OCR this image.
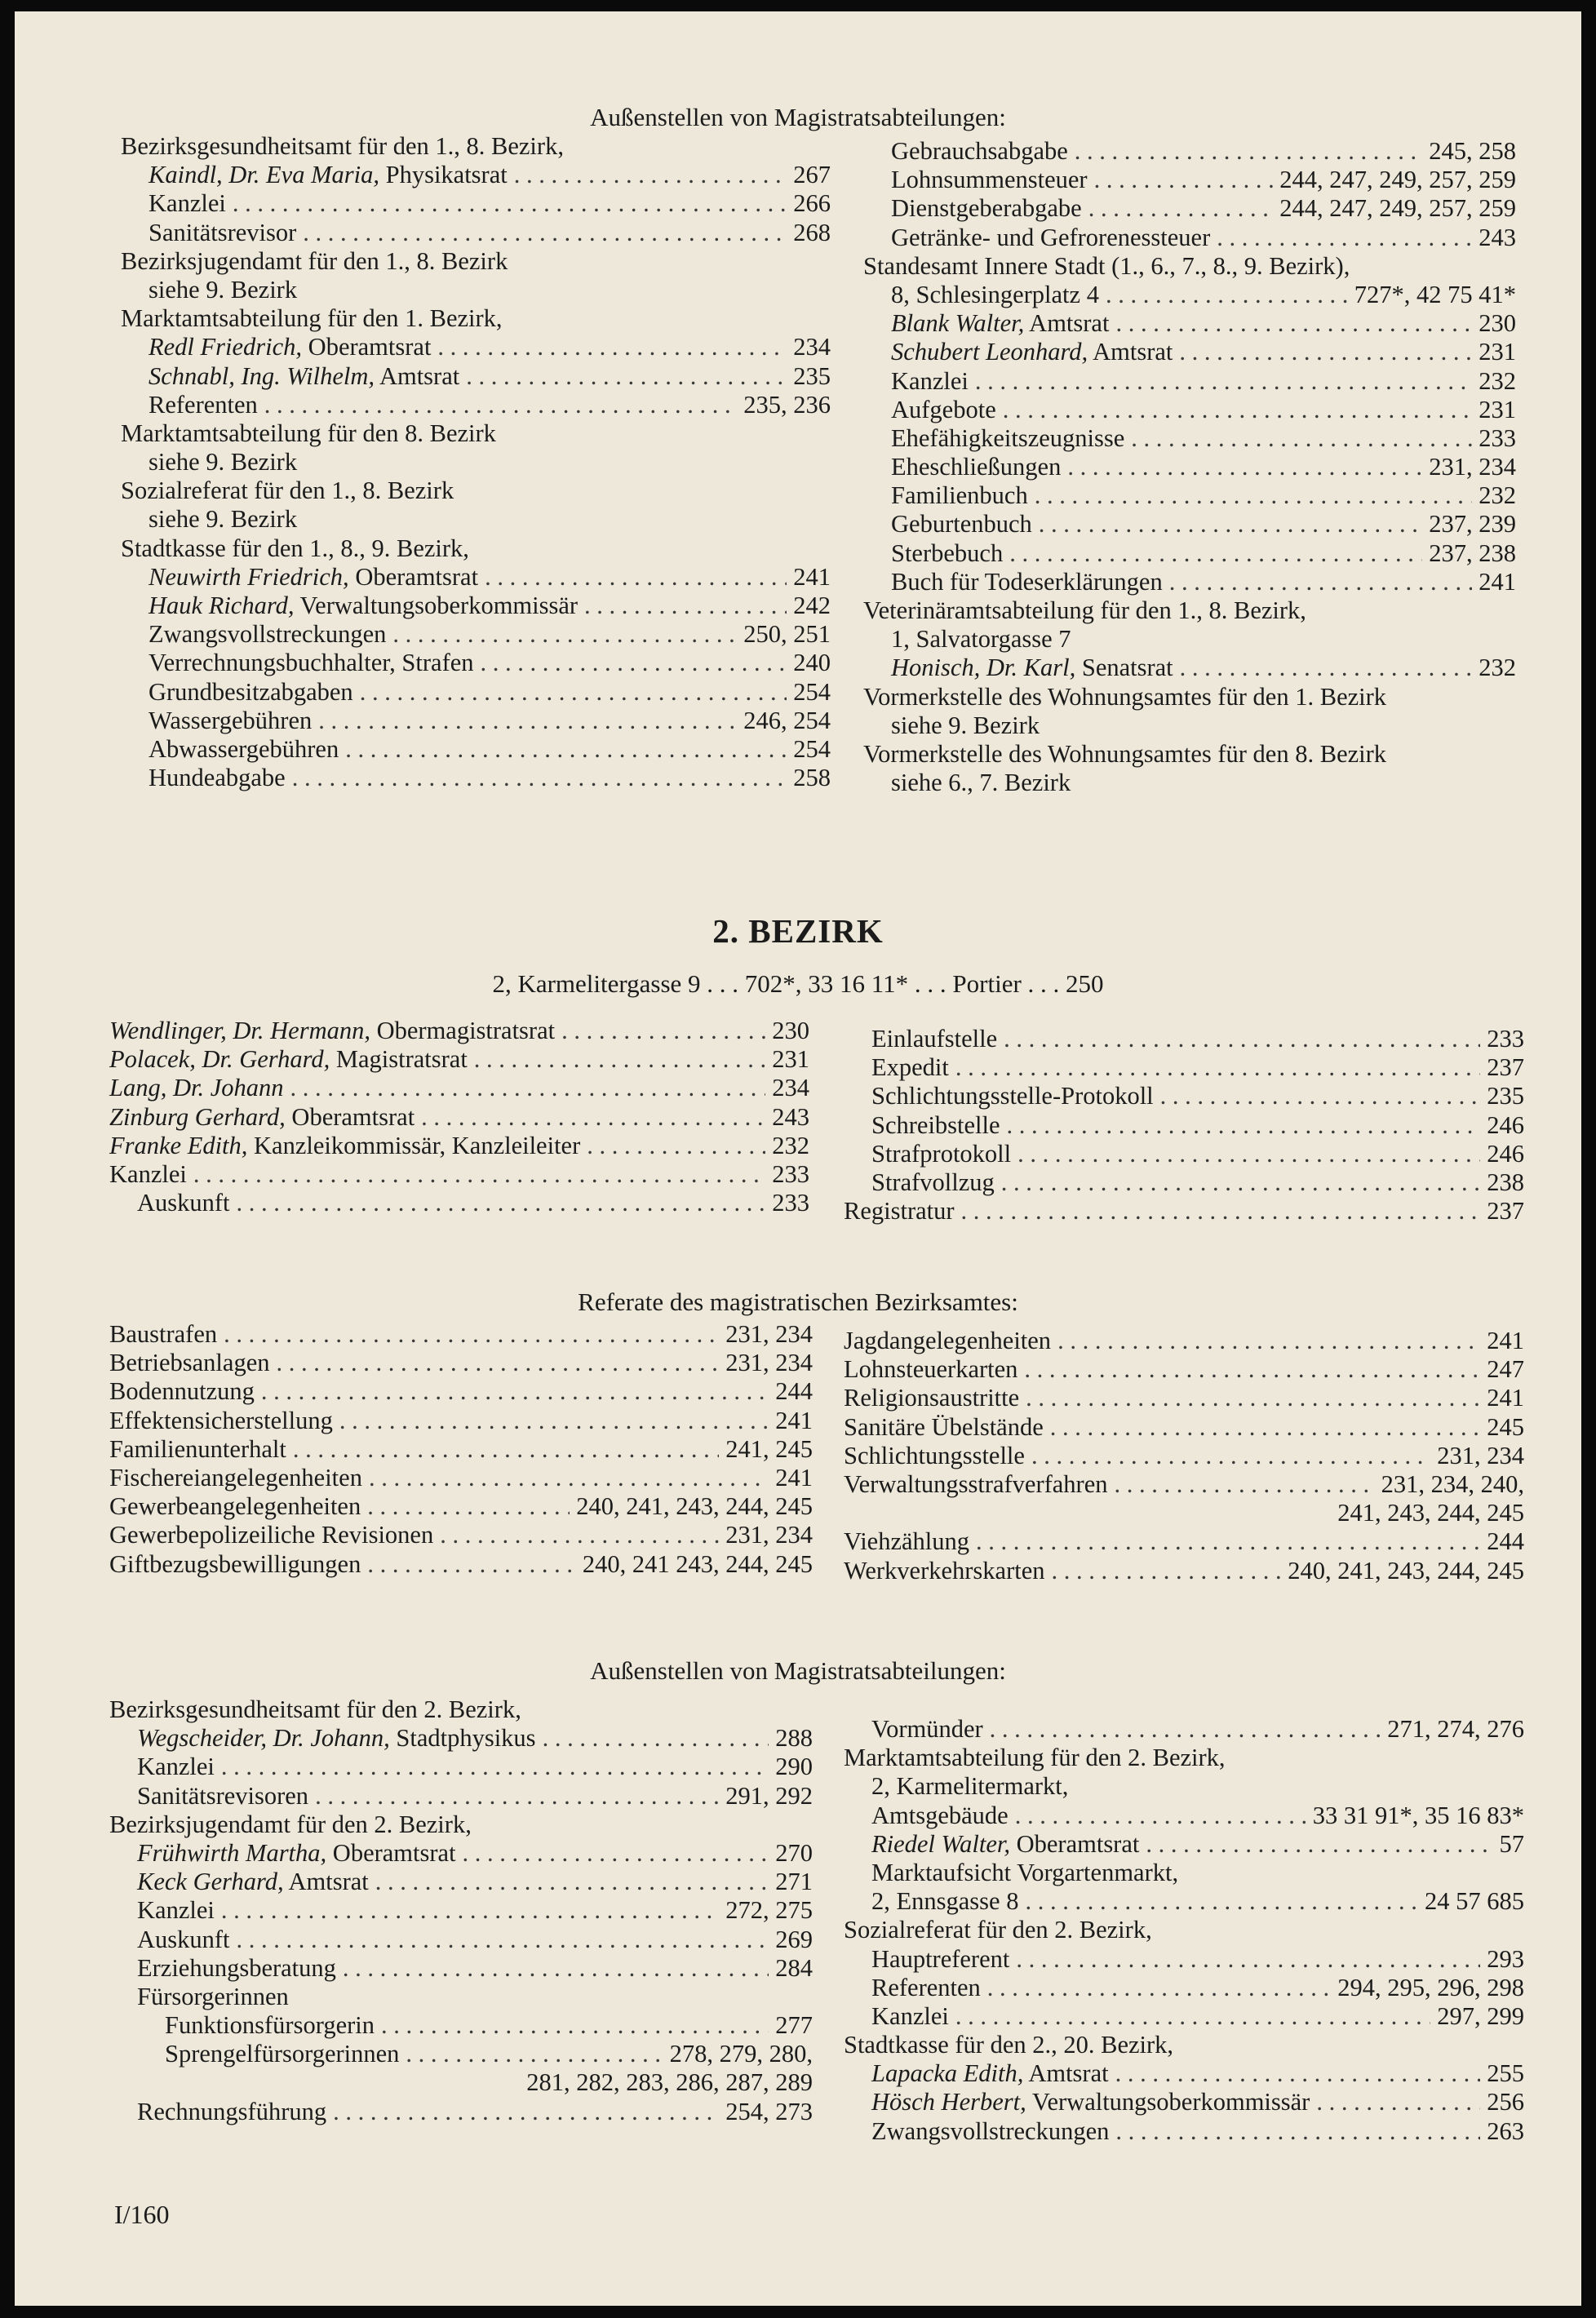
Außenstellen von Magistratsabteilungen:
Bezirksgesundheitsamt für den 1., 8. Bezirk,
Kaindl, Dr. Eva Maria, Physikatsrat . . .	267
Kanzlei . . .	266
Sanitätsrevisor . . .	268
Bezirksjugendamt für den 1., 8. Bezirk
siehe 9. Bezirk
Marktamtsabteilung für den 1. Bezirk,
Redl Friedrich, Oberamtsrat . . .	234
Schnabl, Ing. Wilhelm, Amtsrat . . .	235
Referenten . . .	235, 236
Marktamtsabteilung für den 8. Bezirk
siehe 9. Bezirk
Sozialreferat für den 1., 8. Bezirk
siehe 9. Bezirk
Stadtkasse für den 1., 8., 9. Bezirk,
Neuwirth Friedrich, Oberamtsrat . . .	241
Hauk Richard, Verwaltungsoberkommissär . . .	242
Zwangsvollstreckungen . . .	250, 251
Verrechnungsbuchhalter, Strafen . . .	240
Grundbesitzabgaben . . .	254
Wassergebühren . . .	246, 254
Abwassergebühren . . .	254
Hundeabgabe . . .	258
Gebrauchsabgabe . . .	245, 258
Lohnsummensteuer . . .	244, 247, 249, 257, 259
Dienstgeberabgabe . . .	244, 247, 249, 257, 259
Getränke- und Gefrorenessteuer . . .	243
Standesamt Innere Stadt (1., 6., 7., 8., 9. Bezirk),
8, Schlesingerplatz 4 . . .	727*, 42 75 41*
Blank Walter, Amtsrat . . .	230
Schubert Leonhard, Amtsrat . . .	231
Kanzlei . . .	232
Aufgebote . . .	231
Ehefähigkeitszeugnisse . . .	233
Eheschließungen . . .	231, 234
Familienbuch . . .	232
Geburtenbuch . . .	237, 239
Sterbebuch . . .	237, 238
Buch für Todeserklärungen . . .	241
Veterinäramtsabteilung für den 1., 8. Bezirk,
1, Salvatorgasse 7
Honisch, Dr. Karl, Senatsrat . . .	232
Vormerkstelle des Wohnungsamtes für den 1. Bezirk
siehe 9. Bezirk
Vormerkstelle des Wohnungsamtes für den 8. Bezirk
siehe 6., 7. Bezirk
2. BEZIRK
2, Karmelitergasse 9 . . . 702*, 33 16 11* . . . Portier . . . 250
Wendlinger, Dr. Hermann, Obermagistratsrat . . .	230
Polacek, Dr. Gerhard, Magistratsrat . . .	231
Lang, Dr. Johann . . .	234
Zinburg Gerhard, Oberamtsrat . . .	243
Franke Edith, Kanzleikommissär, Kanzleileiter . . .	232
Kanzlei . . .	233
Auskunft . . .	233
Einlaufstelle . . .	233
Expedit . . .	237
Schlichtungsstelle-Protokoll . . .	235
Schreibstelle . . .	246
Strafprotokoll . . .	246
Strafvollzug . . .	238
Registratur . . .	237
Referate des magistratischen Bezirksamtes:
Baustrafen . . .	231, 234
Betriebsanlagen . . .	231, 234
Bodennutzung . . .	244
Effektensicherstellung . . .	241
Familienunterhalt . . .	241, 245
Fischereiangelegenheiten . . .	241
Gewerbeangelegenheiten . . .	240, 241, 243, 244, 245
Gewerbepolizeiliche Revisionen . . .	231, 234
Giftbezugsbewilligungen . . .	240, 241 243, 244, 245
Jagdangelegenheiten . . .	241
Lohnsteuerkarten . . .	247
Religionsaustritte . . .	241
Sanitäre Übelstände . . .	245
Schlichtungsstelle . . .	231, 234
Verwaltungsstrafverfahren . . .	231, 234, 240,
241, 243, 244, 245
Viehzählung . . .	244
Werkverkehrskarten . . .	240, 241, 243, 244, 245
Außenstellen von Magistratsabteilungen:
Bezirksgesundheitsamt für den 2. Bezirk,
Wegscheider, Dr. Johann, Stadtphysikus . . .	288
Kanzlei . . .	290
Sanitätsrevisoren . . .	291, 292
Bezirksjugendamt für den 2. Bezirk,
Frühwirth Martha, Oberamtsrat . . .	270
Keck Gerhard, Amtsrat . . .	271
Kanzlei . . .	272, 275
Auskunft . . .	269
Erziehungsberatung . . .	284
Fürsorgerinnen
Funktionsfürsorgerin . . .	277
Sprengelfürsorgerinnen . . .	278, 279, 280,
281, 282, 283, 286, 287, 289
Rechnungsführung . . .	254, 273
Vormünder . . .	271, 274, 276
Marktamtsabteilung für den 2. Bezirk,
2, Karmelitermarkt,
Amtsgebäude . . .	33 31 91*, 35 16 83*
Riedel Walter, Oberamtsrat . . .	57
Marktaufsicht Vorgartenmarkt,
2, Ennsgasse 8 . . .	24 57 685
Sozialreferat für den 2. Bezirk,
Hauptreferent . . .	293
Referenten . . .	294, 295, 296, 298
Kanzlei . . .	297, 299
Stadtkasse für den 2., 20. Bezirk,
Lapacka Edith, Amtsrat . . .	255
Hösch Herbert, Verwaltungsoberkommissär . . .	256
Zwangsvollstreckungen . . .	263
I/160
